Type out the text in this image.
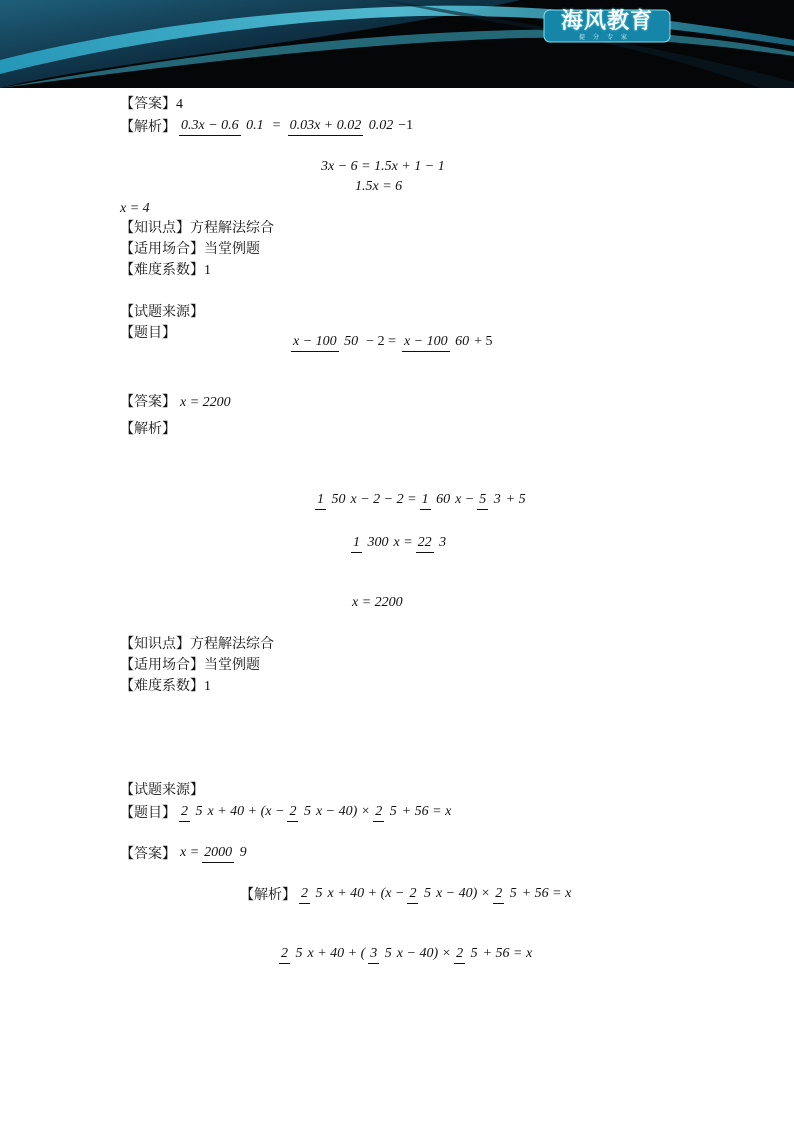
海风教育
提分专家
【答案】4
【解析】 0.3x − 0.6 0.1 = 0.03x + 0.02 0.02 −1
3x − 6 = 1.5x + 1 − 1
1.5x = 6
x = 4
【知识点】方程解法综合
【适用场合】当堂例题
【难度系数】1
【试题来源】
【题目】
x − 100 50 − 2 = x − 100 60 + 5
【答案】 x = 2200
【解析】
1 50 x − 2 − 2 = 1 60 x − 5 3 + 5
1 300 x = 22 3
x = 2200
【知识点】方程解法综合
【适用场合】当堂例题
【难度系数】1
【试题来源】
【题目】 2 5 x + 40 + (x − 2 5 x − 40) × 2 5 + 56 = x
【答案】 x = 2000 9
【解析】 2 5 x + 40 + (x − 2 5 x − 40) × 2 5 + 56 = x
2 5 x + 40 + ( 3 5 x − 40) × 2 5 + 56 = x
